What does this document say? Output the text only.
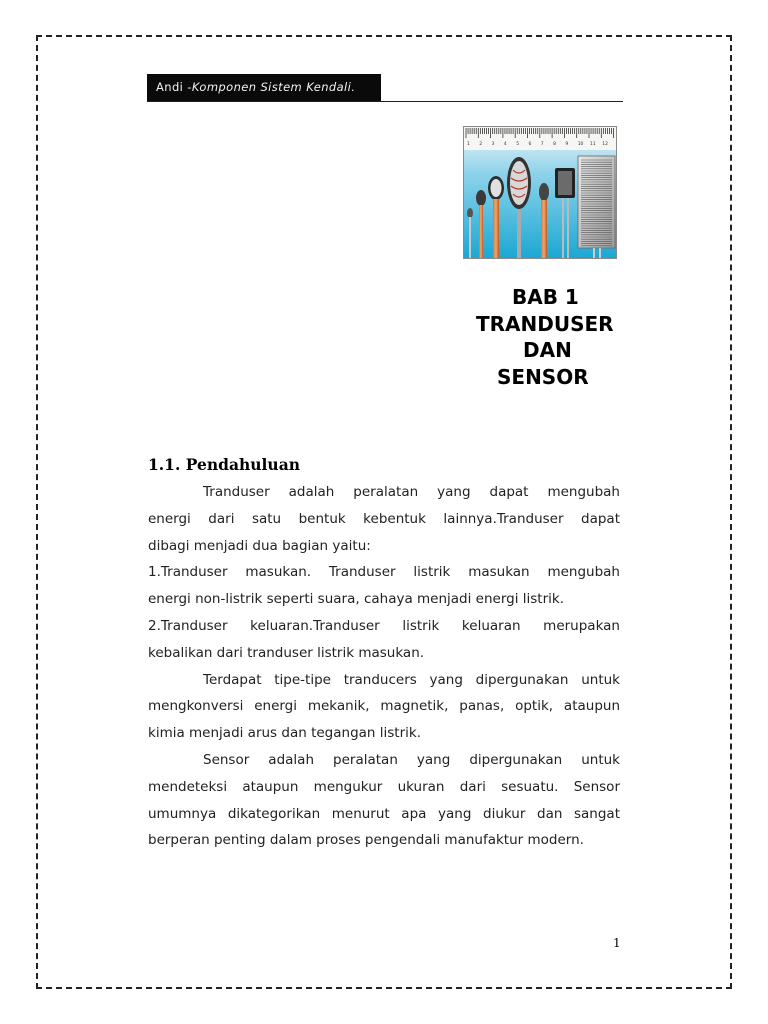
Andi -Komponen Sistem Kendali.
1 2 3 4 5 6 7 8 9 10 11 12
BAB 1
TRANDUSER
DAN
SENSOR
1.1. Pendahuluan

Tranduser adalah peralatan yang dapat mengubah

energi dari satu bentuk kebentuk lainnya.Tranduser dapat

dibagi menjadi dua bagian yaitu:

1.Tranduser masukan. Tranduser listrik masukan mengubah

energi non-listrik seperti suara, cahaya menjadi energi listrik.

2.Tranduser keluaran.Tranduser listrik keluaran merupakan

kebalikan dari tranduser listrik masukan.

Terdapat tipe-tipe tranducers yang dipergunakan untuk

mengkonversi energi mekanik, magnetik, panas, optik, ataupun

kimia menjadi arus dan tegangan listrik.

Sensor adalah peralatan yang dipergunakan untuk

mendeteksi ataupun mengukur ukuran dari sesuatu. Sensor

umumnya dikategorikan menurut apa yang diukur dan sangat

berperan penting dalam proses pengendali manufaktur modern.

1
